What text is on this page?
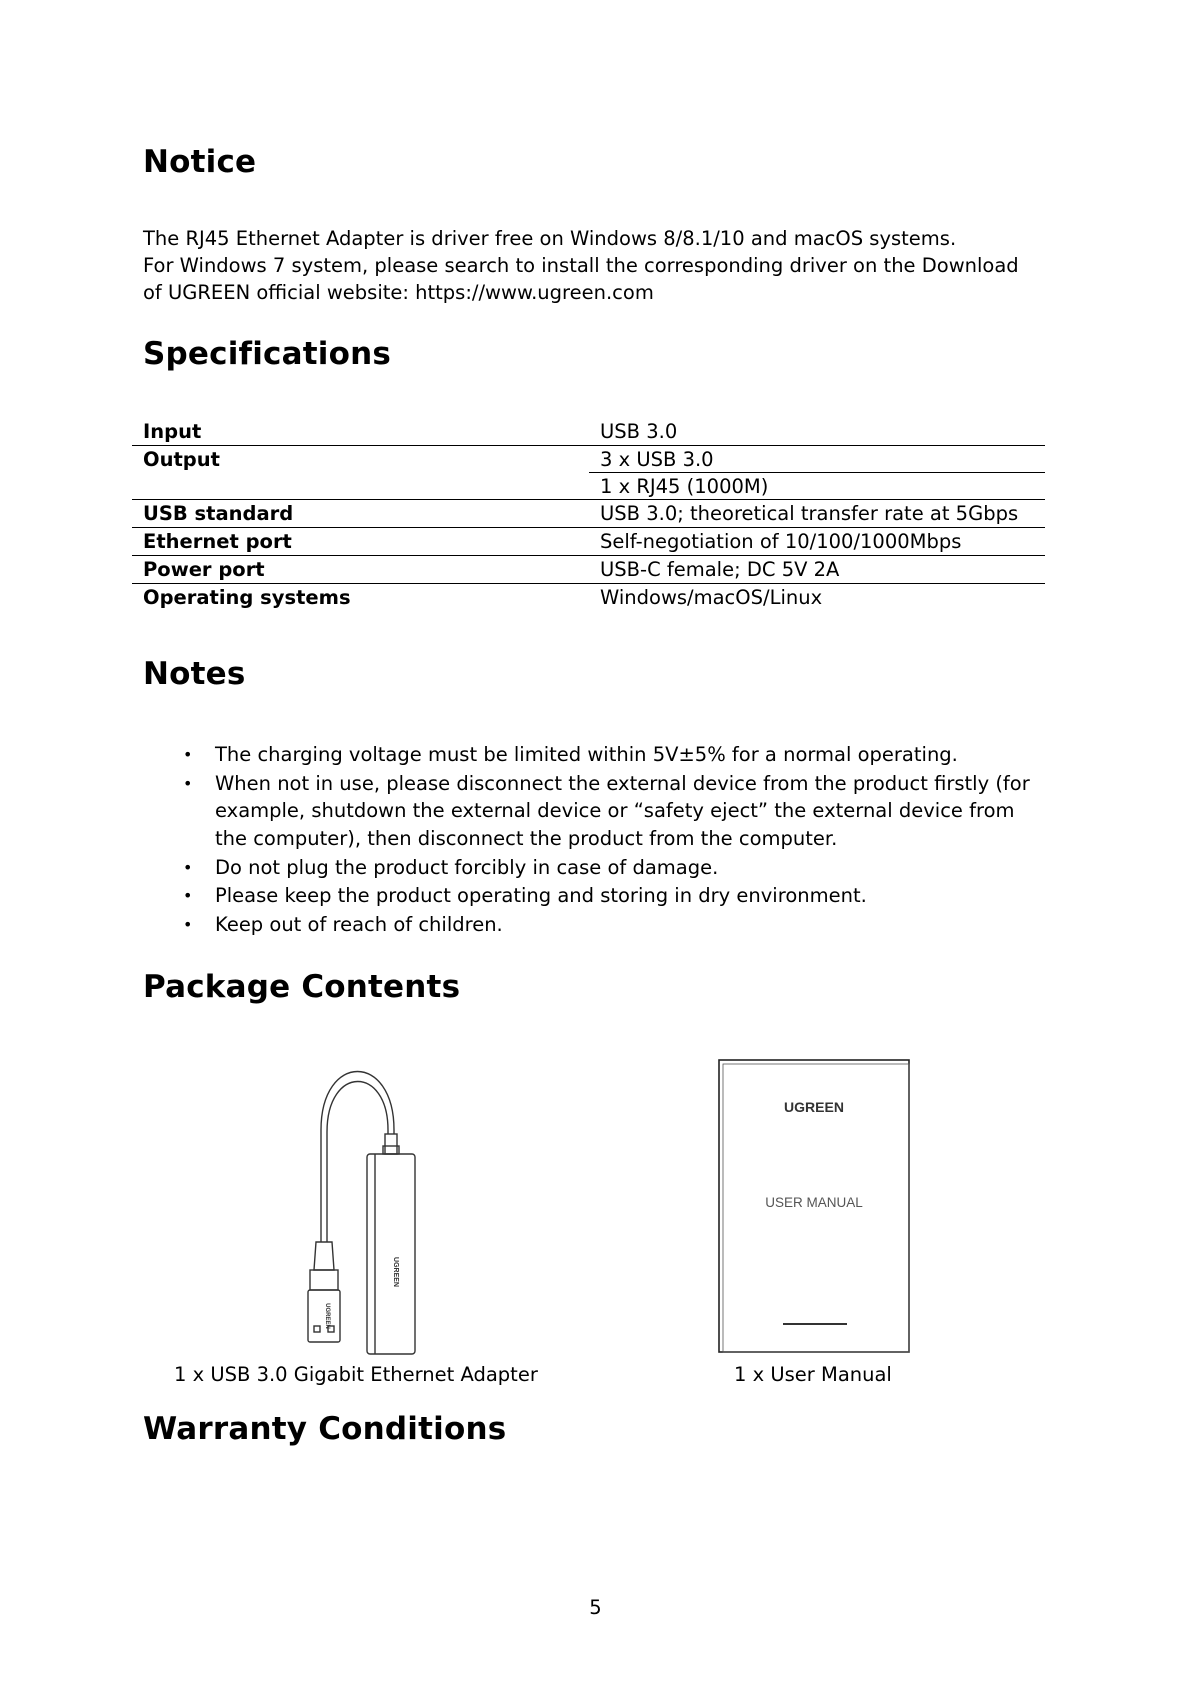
Notice

The RJ45 Ethernet Adapter is driver free on Windows 8/8.1/10 and macOS systems.

For Windows 7 system, please search to install the corresponding driver on the Download

of UGREEN official website: https://www.ugreen.com

Specifications
Input	USB 3.0
Output	3 x USB 3.0
1 x RJ45 (1000M)
USB standard	USB 3.0; theoretical transfer rate at 5Gbps
Ethernet port	Self-negotiation of 10/100/1000Mbps
Power port	USB-C female; DC 5V 2A
Operating systems	Windows/macOS/Linux
Notes
• The charging voltage must be limited within 5V±5% for a normal operating.
• When not in use, please disconnect the external device from the product firstly (for
example, shutdown the external device or “safety eject” the external device from
the computer), then disconnect the product from the computer.
• Do not plug the product forcibly in case of damage.
• Please keep the product operating and storing in dry environment.
• Keep out of reach of children.
Package Contents
UGREEN
UGREEN
UGREEN
USER MANUAL

1 x USB 3.0 Gigabit Ethernet Adapter	1 x User Manual

Warranty Conditions
5
